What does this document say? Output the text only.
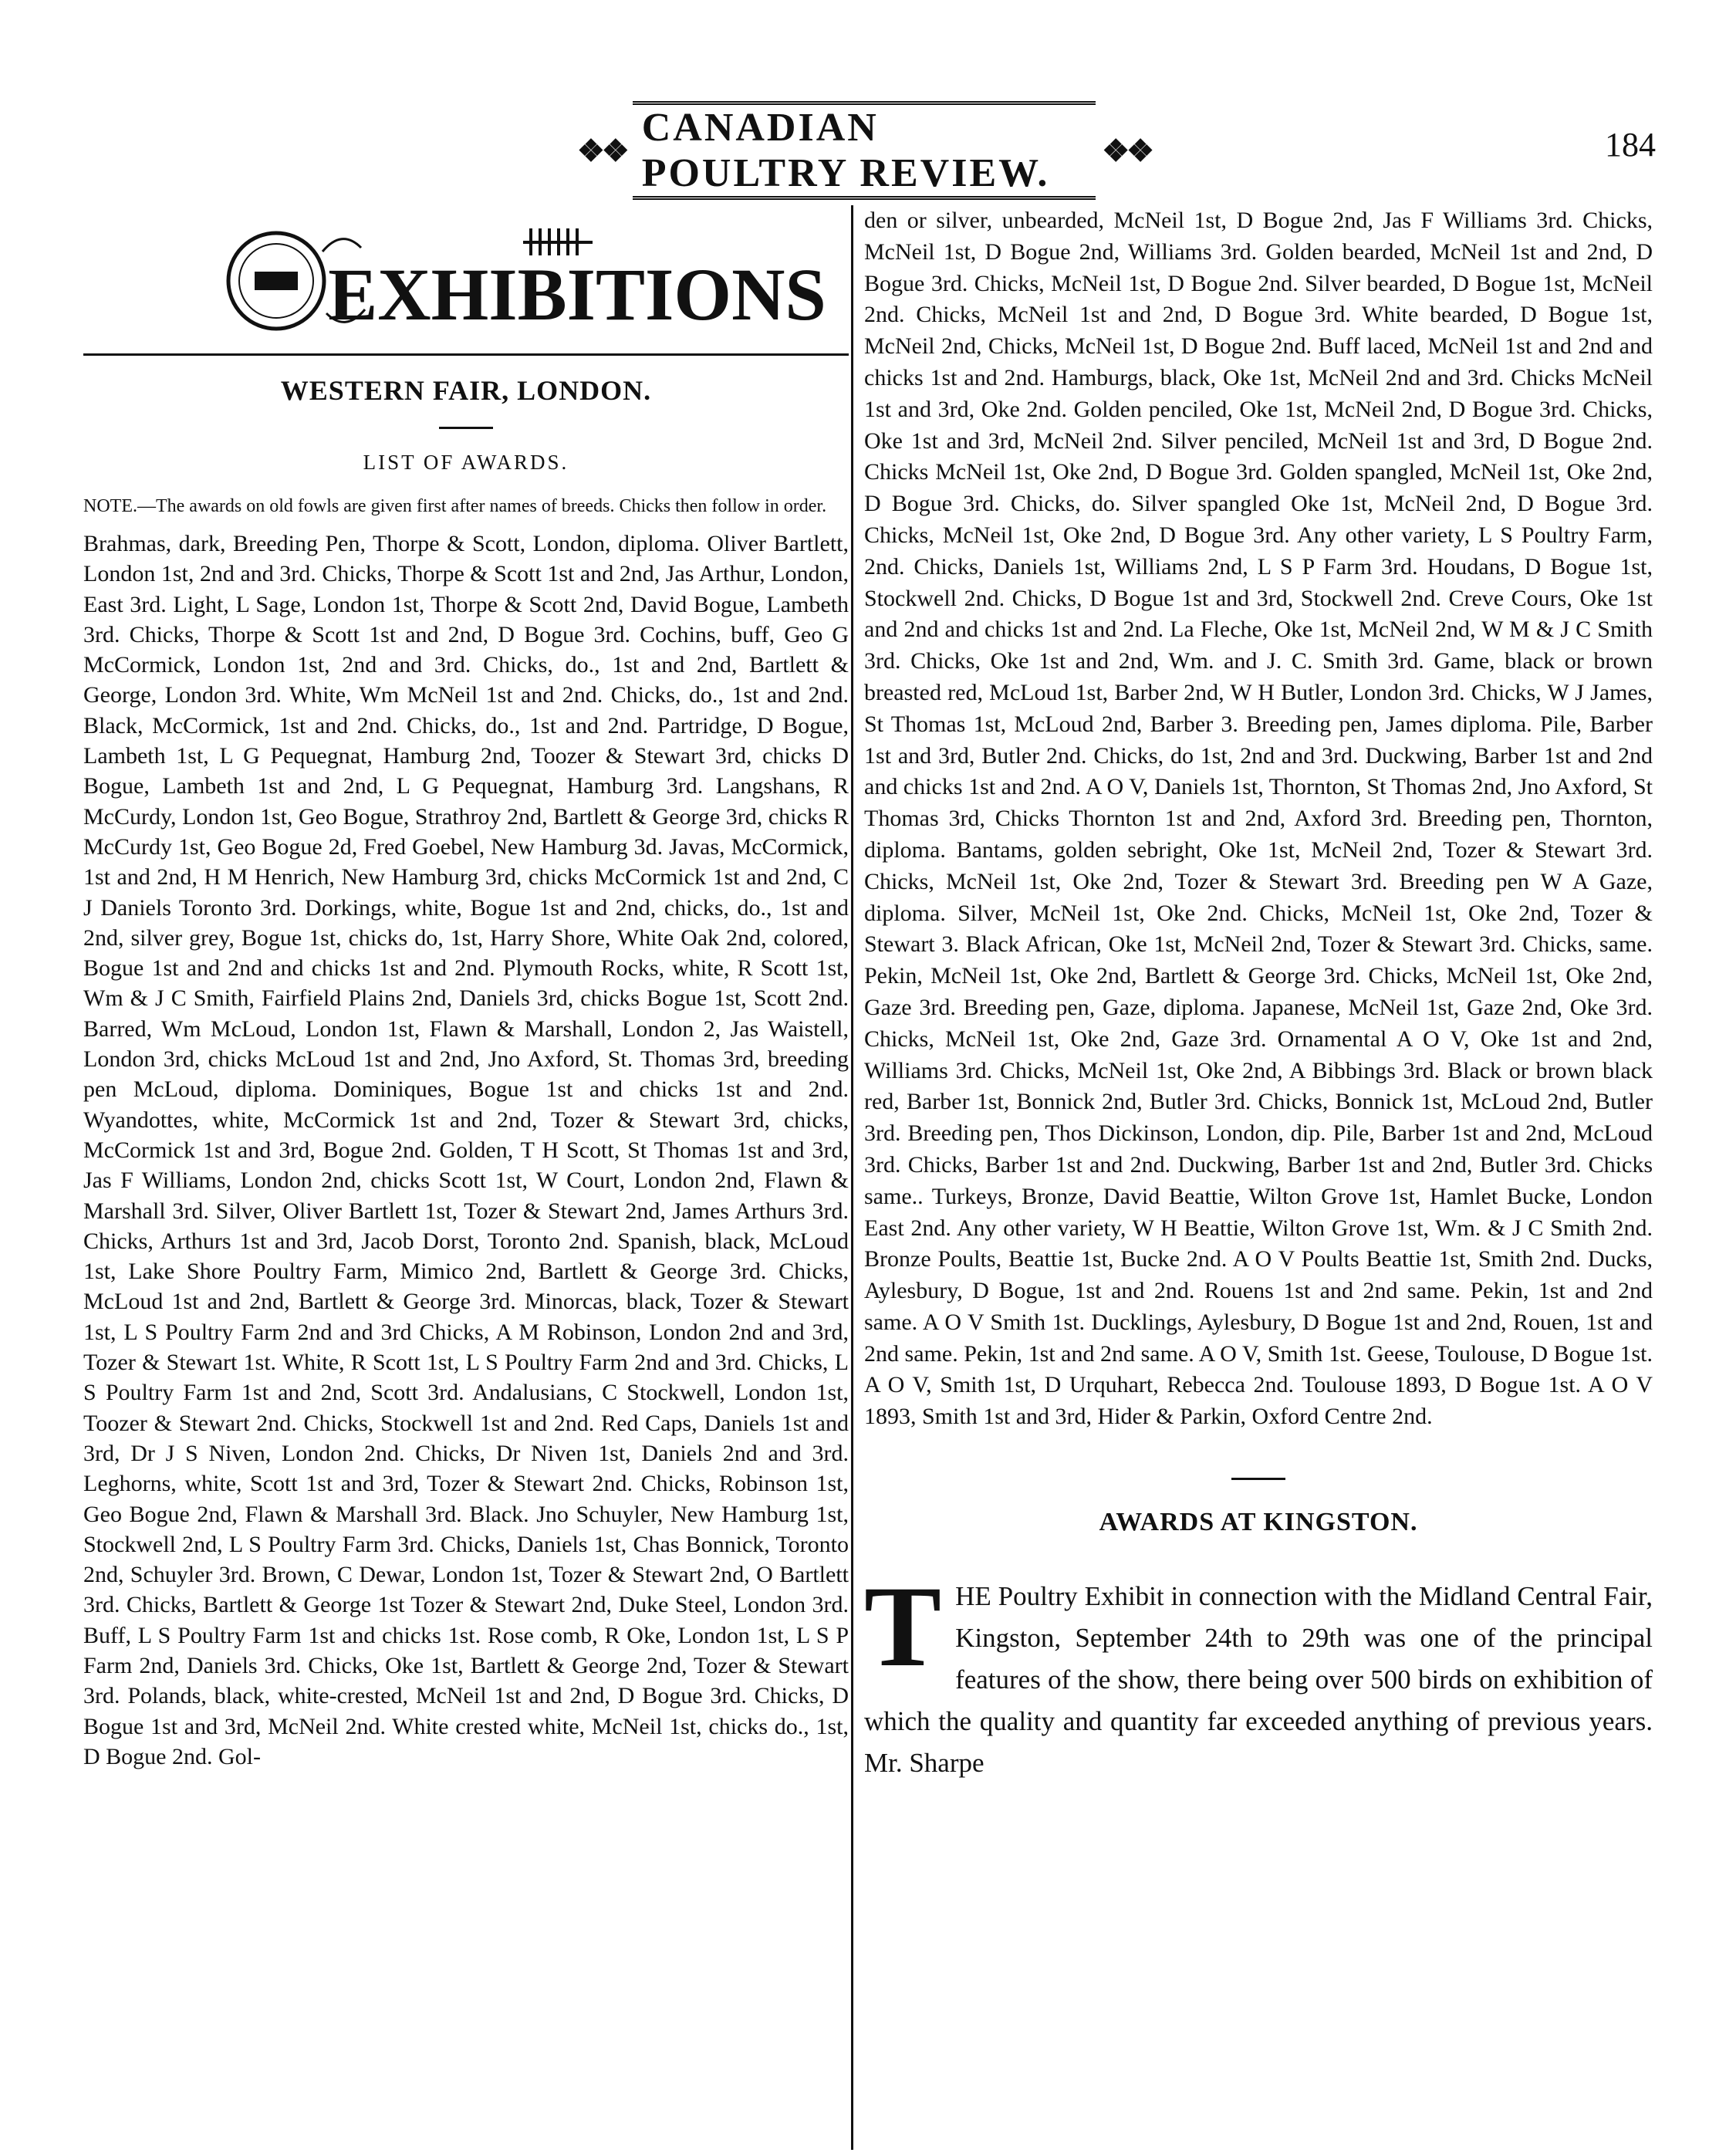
❖❖
CANADIAN POULTRY REVIEW.
❖❖	184
EXHIBITIONS
WESTERN FAIR, LONDON.
LIST OF AWARDS.

NOTE.—The awards on old fowls are given first after names of breeds. Chicks then follow in order.

Brahmas, dark, Breeding Pen, Thorpe & Scott, London, diploma. Oliver Bartlett, London 1st, 2nd and 3rd. Chicks, Thorpe & Scott 1st and 2nd, Jas Arthur, London, East 3rd. Light, L Sage, London 1st, Thorpe & Scott 2nd, David Bogue, Lambeth 3rd. Chicks, Thorpe & Scott 1st and 2nd, D Bogue 3rd. Cochins, buff, Geo G McCormick, London 1st, 2nd and 3rd. Chicks, do., 1st and 2nd, Bartlett & George, London 3rd. White, Wm McNeil 1st and 2nd. Chicks, do., 1st and 2nd. Black, McCormick, 1st and 2nd. Chicks, do., 1st and 2nd. Partridge, D Bogue, Lambeth 1st, L G Pequegnat, Hamburg 2nd, Toozer & Stewart 3rd, chicks D Bogue, Lambeth 1st and 2nd, L G Pequegnat, Hamburg 3rd. Langshans, R McCurdy, London 1st, Geo Bogue, Strathroy 2nd, Bartlett & George 3rd, chicks R McCurdy 1st, Geo Bogue 2d, Fred Goebel, New Hamburg 3d. Javas, McCormick, 1st and 2nd, H M Henrich, New Hamburg 3rd, chicks McCormick 1st and 2nd, C J Daniels Toronto 3rd. Dorkings, white, Bogue 1st and 2nd, chicks, do., 1st and 2nd, silver grey, Bogue 1st, chicks do, 1st, Harry Shore, White Oak 2nd, colored, Bogue 1st and 2nd and chicks 1st and 2nd. Plymouth Rocks, white, R Scott 1st, Wm & J C Smith, Fairfield Plains 2nd, Daniels 3rd, chicks Bogue 1st, Scott 2nd. Barred, Wm McLoud, London 1st, Flawn & Marshall, London 2, Jas Waistell, London 3rd, chicks McLoud 1st and 2nd, Jno Axford, St. Thomas 3rd, breeding pen McLoud, diploma. Dominiques, Bogue 1st and chicks 1st and 2nd. Wyandottes, white, McCormick 1st and 2nd, Tozer & Stewart 3rd, chicks, McCormick 1st and 3rd, Bogue 2nd. Golden, T H Scott, St Thomas 1st and 3rd, Jas F Williams, London 2nd, chicks Scott 1st, W Court, London 2nd, Flawn & Marshall 3rd. Silver, Oliver Bartlett 1st, Tozer & Stewart 2nd, James Arthurs 3rd. Chicks, Arthurs 1st and 3rd, Jacob Dorst, Toronto 2nd. Spanish, black, McLoud 1st, Lake Shore Poultry Farm, Mimico 2nd, Bartlett & George 3rd. Chicks, McLoud 1st and 2nd, Bartlett & George 3rd. Minorcas, black, Tozer & Stewart 1st, L S Poultry Farm 2nd and 3rd Chicks, A M Robinson, London 2nd and 3rd, Tozer & Stewart 1st. White, R Scott 1st, L S Poultry Farm 2nd and 3rd. Chicks, L S Poultry Farm 1st and 2nd, Scott 3rd. Andalusians, C Stockwell, London 1st, Toozer & Stewart 2nd. Chicks, Stockwell 1st and 2nd. Red Caps, Daniels 1st and 3rd, Dr J S Niven, London 2nd. Chicks, Dr Niven 1st, Daniels 2nd and 3rd. Leghorns, white, Scott 1st and 3rd, Tozer & Stewart 2nd. Chicks, Robinson 1st, Geo Bogue 2nd, Flawn & Marshall 3rd. Black. Jno Schuyler, New Hamburg 1st, Stockwell 2nd, L S Poultry Farm 3rd. Chicks, Daniels 1st, Chas Bonnick, Toronto 2nd, Schuyler 3rd. Brown, C Dewar, London 1st, Tozer & Stewart 2nd, O Bartlett 3rd. Chicks, Bartlett & George 1st Tozer & Stewart 2nd, Duke Steel, London 3rd. Buff, L S Poultry Farm 1st and chicks 1st. Rose comb, R Oke, London 1st, L S P Farm 2nd, Daniels 3rd. Chicks, Oke 1st, Bartlett & George 2nd, Tozer & Stewart 3rd. Polands, black, white-crested, McNeil 1st and 2nd, D Bogue 3rd. Chicks, D Bogue 1st and 3rd, McNeil 2nd. White crested white, McNeil 1st, chicks do., 1st, D Bogue 2nd. Gol-

den or silver, unbearded, McNeil 1st, D Bogue 2nd, Jas F Williams 3rd. Chicks, McNeil 1st, D Bogue 2nd, Williams 3rd. Golden bearded, McNeil 1st and 2nd, D Bogue 3rd. Chicks, McNeil 1st, D Bogue 2nd. Silver bearded, D Bogue 1st, McNeil 2nd. Chicks, McNeil 1st and 2nd, D Bogue 3rd. White bearded, D Bogue 1st, McNeil 2nd, Chicks, McNeil 1st, D Bogue 2nd. Buff laced, McNeil 1st and 2nd and chicks 1st and 2nd. Hamburgs, black, Oke 1st, McNeil 2nd and 3rd. Chicks McNeil 1st and 3rd, Oke 2nd. Golden penciled, Oke 1st, McNeil 2nd, D Bogue 3rd. Chicks, Oke 1st and 3rd, McNeil 2nd. Silver penciled, McNeil 1st and 3rd, D Bogue 2nd. Chicks McNeil 1st, Oke 2nd, D Bogue 3rd. Golden spangled, McNeil 1st, Oke 2nd, D Bogue 3rd. Chicks, do. Silver spangled Oke 1st, McNeil 2nd, D Bogue 3rd. Chicks, McNeil 1st, Oke 2nd, D Bogue 3rd. Any other variety, L S Poultry Farm, 2nd. Chicks, Daniels 1st, Williams 2nd, L S P Farm 3rd. Houdans, D Bogue 1st, Stockwell 2nd. Chicks, D Bogue 1st and 3rd, Stockwell 2nd. Creve Cours, Oke 1st and 2nd and chicks 1st and 2nd. La Fleche, Oke 1st, McNeil 2nd, W M & J C Smith 3rd. Chicks, Oke 1st and 2nd, Wm. and J. C. Smith 3rd. Game, black or brown breasted red, McLoud 1st, Barber 2nd, W H Butler, London 3rd. Chicks, W J James, St Thomas 1st, McLoud 2nd, Barber 3. Breeding pen, James diploma. Pile, Barber 1st and 3rd, Butler 2nd. Chicks, do 1st, 2nd and 3rd. Duckwing, Barber 1st and 2nd and chicks 1st and 2nd. A O V, Daniels 1st, Thornton, St Thomas 2nd, Jno Axford, St Thomas 3rd, Chicks Thornton 1st and 2nd, Axford 3rd. Breeding pen, Thornton, diploma. Bantams, golden sebright, Oke 1st, McNeil 2nd, Tozer & Stewart 3rd. Chicks, McNeil 1st, Oke 2nd, Tozer & Stewart 3rd. Breeding pen W A Gaze, diploma. Silver, McNeil 1st, Oke 2nd. Chicks, McNeil 1st, Oke 2nd, Tozer & Stewart 3. Black African, Oke 1st, McNeil 2nd, Tozer & Stewart 3rd. Chicks, same. Pekin, McNeil 1st, Oke 2nd, Bartlett & George 3rd. Chicks, McNeil 1st, Oke 2nd, Gaze 3rd. Breeding pen, Gaze, diploma. Japanese, McNeil 1st, Gaze 2nd, Oke 3rd. Chicks, McNeil 1st, Oke 2nd, Gaze 3rd. Ornamental A O V, Oke 1st and 2nd, Williams 3rd. Chicks, McNeil 1st, Oke 2nd, A Bibbings 3rd. Black or brown black red, Barber 1st, Bonnick 2nd, Butler 3rd. Chicks, Bonnick 1st, McLoud 2nd, Butler 3rd. Breeding pen, Thos Dickinson, London, dip. Pile, Barber 1st and 2nd, McLoud 3rd. Chicks, Barber 1st and 2nd. Duckwing, Barber 1st and 2nd, Butler 3rd. Chicks same.. Turkeys, Bronze, David Beattie, Wilton Grove 1st, Hamlet Bucke, London East 2nd. Any other variety, W H Beattie, Wilton Grove 1st, Wm. & J C Smith 2nd. Bronze Poults, Beattie 1st, Bucke 2nd. A O V Poults Beattie 1st, Smith 2nd. Ducks, Aylesbury, D Bogue, 1st and 2nd. Rouens 1st and 2nd same. Pekin, 1st and 2nd same. A O V Smith 1st. Ducklings, Aylesbury, D Bogue 1st and 2nd, Rouen, 1st and 2nd same. Pekin, 1st and 2nd same. A O V, Smith 1st. Geese, Toulouse, D Bogue 1st. A O V, Smith 1st, D Urquhart, Rebecca 2nd. Toulouse 1893, D Bogue 1st. A O V 1893, Smith 1st and 3rd, Hider & Parkin, Oxford Centre 2nd.

AWARDS AT KINGSTON.
T HE Poultry Exhibit in connection with the Midland Central Fair, Kingston, September 24th to 29th was one of the principal features of the show, there being over 500 birds on exhibition of which the quality and quantity far exceeded anything of previous years. Mr. Sharpe
